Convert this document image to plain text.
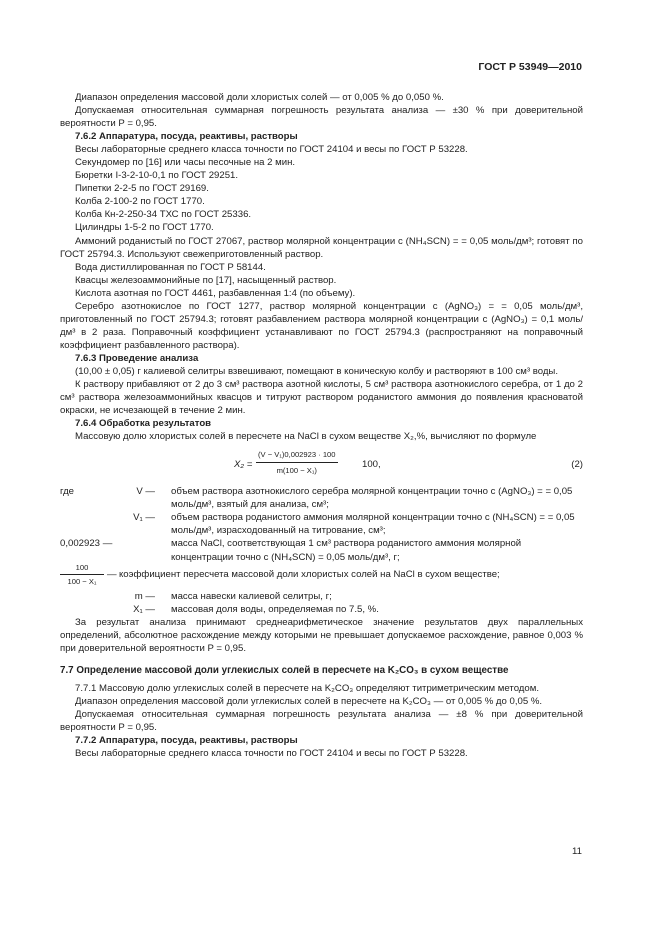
ГОСТ Р 53949—2010

Диапазон определения массовой доли хлористых солей — от 0,005 % до 0,050 %.

Допускаемая относительная суммарная погрешность результата анализа — ±30 % при доверительной вероятности P = 0,95.

7.6.2 Аппаратура, посуда, реактивы, растворы

Весы лабораторные среднего класса точности по ГОСТ 24104 и весы по ГОСТ Р 53228.

Секундомер по [16] или часы песочные на 2 мин.

Бюретки I-3-2-10-0,1 по ГОСТ 29251.

Пипетки 2-2-5 по ГОСТ 29169.

Колба 2-100-2 по ГОСТ 1770.

Колба Кн-2-250-34 ТХС по ГОСТ 25336.

Цилиндры 1-5-2 по ГОСТ 1770.

Аммоний роданистый по ГОСТ 27067, раствор молярной концентрации c (NH₄SCN) = = 0,05 моль/дм³; готовят по ГОСТ 25794.3. Используют свежеприготовленный раствор.

Вода дистиллированная по ГОСТ Р 58144.

Квасцы железоаммонийные по [17], насыщенный раствор.

Кислота азотная по ГОСТ 4461, разбавленная 1:4 (по объему).

Серебро азотнокислое по ГОСТ 1277, раствор молярной концентрации c (AgNO₃) = = 0,05 моль/дм³, приготовленный по ГОСТ 25794.3; готовят разбавлением раствора молярной концентрации c (AgNO₃) = 0,1 моль/дм³ в 2 раза. Поправочный коэффициент устанавливают по ГОСТ 25794.3 (распространяют на поправочный коэффициент разбавленного раствора).

7.6.3 Проведение анализа

(10,00 ± 0,05) г калиевой селитры взвешивают, помещают в коническую колбу и растворяют в 100 см³ воды.

К раствору прибавляют от 2 до 3 см³ раствора азотной кислоты, 5 см³ раствора азотнокислого серебра, от 1 до 2 см³ раствора железоаммонийных квасцов и титруют раствором роданистого аммония до появления красноватой окраски, не исчезающей в течение 2 мин.

7.6.4 Обработка результатов

Массовую долю хлористых солей в пересчете на NaCl в сухом веществе X₂,%, вычисляют по формуле

$X_2 = \frac{\text{(V − V₁)0,002923 · 100}}{\text{m(100 − X₁)}}$	100,	(2)
где	V — объем раствора азотнокислого серебра молярной концентрации точно c (AgNO₃) = = 0,05 моль/дм³, взятый для анализа, см³;
V₁ — объем раствора роданистого аммония молярной концентрации точно c (NH₄SCN) = = 0,05 моль/дм³, израсходованный на титрование, см³;
0,002923 —	масса NaCl, соответствующая 1 см³ раствора роданистого аммония молярной концентрации точно c (NH₄SCN) = 0,05 моль/дм³, г;
100
100 − X₁
— коэффициент пересчета массовой доли хлористых солей на NaCl в сухом веществе;
m — масса навески калиевой селитры, г;
X₁ — массовая доля воды, определяемая по 7.5, %.

За результат анализа принимают среднеарифметическое значение результатов двух параллельных определений, абсолютное расхождение между которыми не превышает допускаемое расхождение, равное 0,003 % при доверительной вероятности P = 0,95.

7.7 Определение массовой доли углекислых солей в пересчете на K₂CO₃ в сухом веществе

7.7.1 Массовую долю углекислых солей в пересчете на K₂CO₃ определяют титриметрическим методом.

Диапазон определения массовой доли углекислых солей в пересчете на K₂CO₃ — от 0,005 % до 0,05 %.

Допускаемая относительная суммарная погрешность результата анализа — ±8 % при доверительной вероятности P = 0,95.

7.7.2 Аппаратура, посуда, реактивы, растворы

Весы лабораторные среднего класса точности по ГОСТ 24104 и весы по ГОСТ Р 53228.

11
